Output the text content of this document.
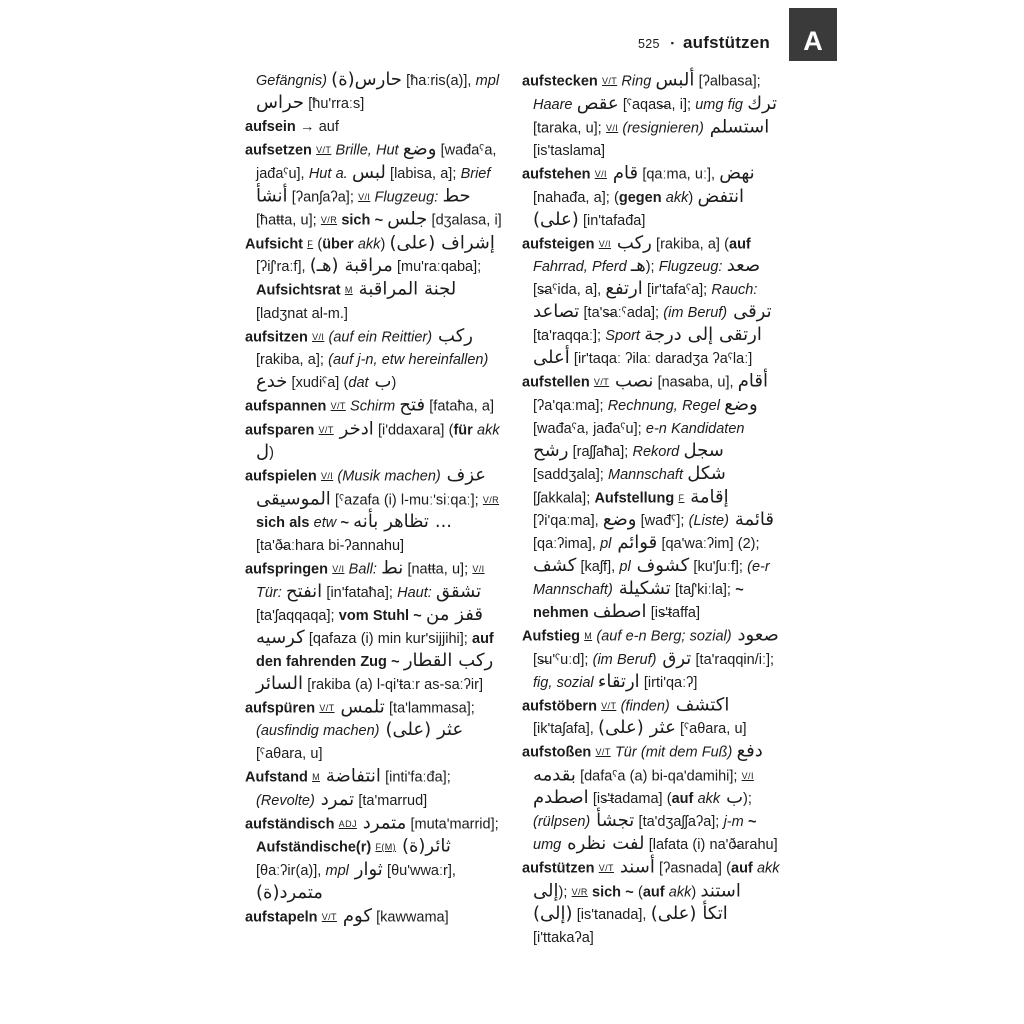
525 ▪ aufstützen A

Gefängnis) حارس(ة) [ħaːris(a)], mpl حراس [ħu'rraːs]

aufsein → auf

aufsetzen V/T Brille, Hut وضع [wađaˤa, jađaˤu], Hut a. لبس [labisa, a]; Brief أنشأ [ʔanʃaʔa]; V/I Flugzeug: حط [ħaŧŧa, u]; V/R sich ~ جلس [dʒalasa, i]

Aufsicht F (über akk) إشراف (على) [ʔiʃ'raːf], مراقبة (هـ) [mu'raːqaba]; Aufsichtsrat M لجنة المراقبة [ladʒnat al-m.]

aufsitzen V/I (auf ein Reittier) ركب [rakiba, a]; (auf j-n, etw hereinfallen) خدع [xudiˤa] (dat ب)

aufspannen V/T Schirm فتح [fataħa, a]

aufsparen V/T ادخر [i'ddaxara] (für akk ل)

aufspielen V/I (Musik machen) عزف الموسيقى [ˤazafa (i) l-muː'siːqaː]; V/R sich als etw ~ تظاهر بأنه ... [ta'ð̶aːhara bi-ʔannahu]

aufspringen V/I Ball: نط [naŧŧa, u]; V/I Tür: انفتح [in'fataħa]; Haut: تشقق [ta'ʃaqqaqa]; vom Stuhl ~ قفز من كرسيه [qafaza (i) min kur'sijjihi]; auf den fahrenden Zug ~ ركب القطار السائر [rakiba (a) l-qi'ŧaːr as-saːʔir]

aufspüren V/T تلمس [ta'lammasa]; (ausfindig machen) عثر (على) [ˤaθara, u]

Aufstand M انتفاضة [inti'faːđa]; (Revolte) تمرد [ta'marrud]

aufständisch ADJ متمرد [muta'marrid]; Aufständische(r) F(M) ثائر(ة) [θaːʔir(a)], mpl ثوار [θu'wwaːr], متمرد(ة)

aufstapeln V/T كوم [kawwama]

aufstecken V/T Ring ألبس [ʔalbasa]; Haare عقص [ˤaqas̶a, i]; umg fig ترك [taraka, u]; V/I (resignieren) استسلم [is'taslama]

aufstehen V/I قام [qaːma, uː], نهض [nahađa, a]; (gegen akk) انتفض (على) [in'tafađa]

aufsteigen V/I ركب [rakiba, a] (auf Fahrrad, Pferd هـ); Flugzeug: صعد [s̶aˤida, a], ارتفع [ir'tafaˤa]; Rauch: تصاعد [ta's̶aːˤada]; (im Beruf) ترقى [ta'raqqaː]; Sport ارتقى إلى درجة أعلى [ir'taqaː ʔilaː daradʒa ʔaˤlaː]

aufstellen V/T نصب [nas̶aba, u], أقام [ʔa'qaːma]; Rechnung, Regel وضع [wađaˤa, jađaˤu]; e-n Kandidaten رشح [raʃʃaħa]; Rekord سجل [saddʒala]; Mannschaft شكل [ʃakkala]; Aufstellung F إقامة [ʔi'qaːma], وضع [wađˤ]; (Liste) قائمة [qaːʔima], pl قوائم [qa'waːʔim] (2); كشف [kaʃf], pl كشوف [ku'ʃuːf]; (e-r Mannschaft) تشكيلة [taʃ'kiːla]; ~ nehmen اصطف [is̶'ŧaffa]

Aufstieg M (auf e-n Berg; sozial) صعود [s̶u'ˤuːd]; (im Beruf) ترق [ta'raqqin/iː]; fig, sozial ارتقاء [irti'qaːʔ]

aufstöbern V/T (finden) اكتشف [ik'taʃafa], عثر (على) [ˤaθara, u]

aufstoßen V/T Tür (mit dem Fuß) دفع بقدمه [dafaˤa (a) bi-qa'damihi]; V/I اصطدم [is̶'ŧadama] (auf akk ب); (rülpsen) تجشأ [ta'dʒaʃʃaʔa]; j-m ~ umg لفت نظره [lafata (i) na'ð̶arahu]

aufstützen V/T أسند [ʔasnada] (auf akk إلى); V/R sich ~ (auf akk) استند (إلى) [is'tanada], اتكأ (على) [i'ttakaʔa]
